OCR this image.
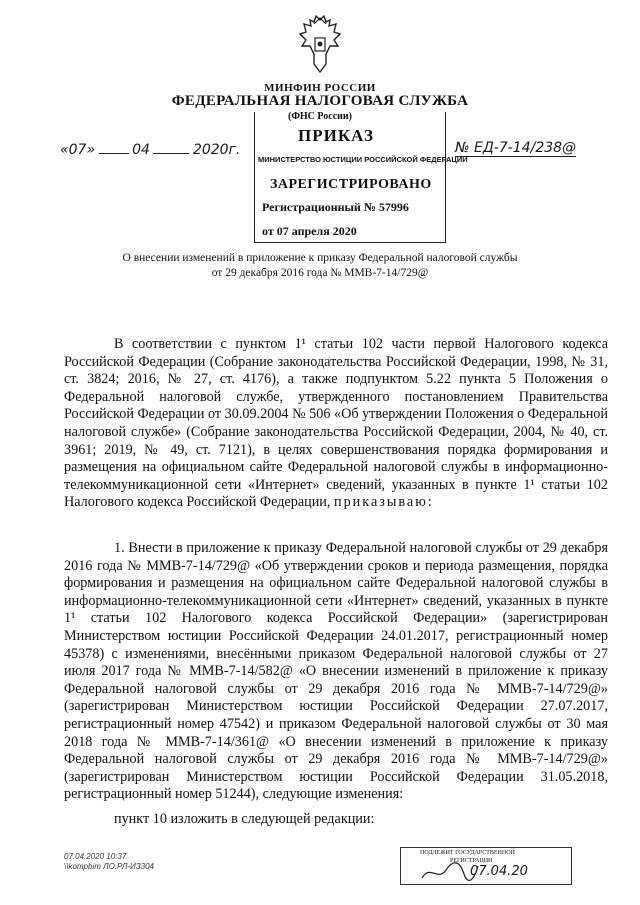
МИНФИН РОССИИ
ФЕДЕРАЛЬНАЯ НАЛОГОВАЯ СЛУЖБА
(ФНС России)
ПРИКАЗ
«07»	04	2020г.	№ ЕД-7-14/238@
МИНИСТЕРСТВО ЮСТИЦИИ РОССИЙСКОЙ ФЕДЕРАЦИИ
ЗАРЕГИСТРИРОВАНО
Регистрационный № 57996
от 07 апреля 2020
О внесении изменений в приложение к приказу Федеральной налоговой службы
от 29 декабря 2016 года № ММВ-7-14/729@
В соответствии с пунктом 1¹ статьи 102 части первой Налогового кодекса Российской Федерации (Собрание законодательства Российской Федерации, 1998, № 31, ст. 3824; 2016, № 27, ст. 4176), а также подпунктом 5.22 пункта 5 Положения о Федеральной налоговой службе, утвержденного постановлением Правительства Российской Федерации от 30.09.2004 № 506 «Об утверждении Положения о Федеральной налоговой службе» (Собрание законодательства Российской Федерации, 2004, № 40, ст. 3961; 2019, № 49, ст. 7121), в целях совершенствования порядка формирования и размещения на официальном сайте Федеральной налоговой службы в информационно-телекоммуникационной сети «Интернет» сведений, указанных в пункте 1¹ статьи 102 Налогового кодекса Российской Федерации, приказываю:
1. Внести в приложение к приказу Федеральной налоговой службы от 29 декабря 2016 года № ММВ-7-14/729@ «Об утверждении сроков и периода размещения, порядка формирования и размещения на официальном сайте Федеральной налоговой службы в информационно-телекоммуникационной сети «Интернет» сведений, указанных в пункте 1¹ статьи 102 Налогового кодекса Российской Федерации» (зарегистрирован Министерством юстиции Российской Федерации 24.01.2017, регистрационный номер 45378) с изменениями, внесёнными приказом Федеральной налоговой службы от 27 июля 2017 года № ММВ-7-14/582@ «О внесении изменений в приложение к приказу Федеральной налоговой службы от 29 декабря 2016 года № ММВ-7-14/729@» (зарегистрирован Министерством юстиции Российской Федерации 27.07.2017, регистрационный номер 47542) и приказом Федеральной налоговой службы от 30 мая 2018 года № ММВ-7-14/361@ «О внесении изменений в приложение к приказу Федеральной налоговой службы от 29 декабря 2016 года № ММВ-7-14/729@» (зарегистрирован Министерством юстиции Российской Федерации 31.05.2018, регистрационный номер 51244), следующие изменения:
пункт 10 изложить в следующей редакции:
07.04.2020 10:37
\\kompbim ЛО.РЛ-ИЗ304
ПОДЛЕЖИТ ГОСУДАРСТВЕННОЙ
РЕГИСТРАЦИИ
07.04.20
